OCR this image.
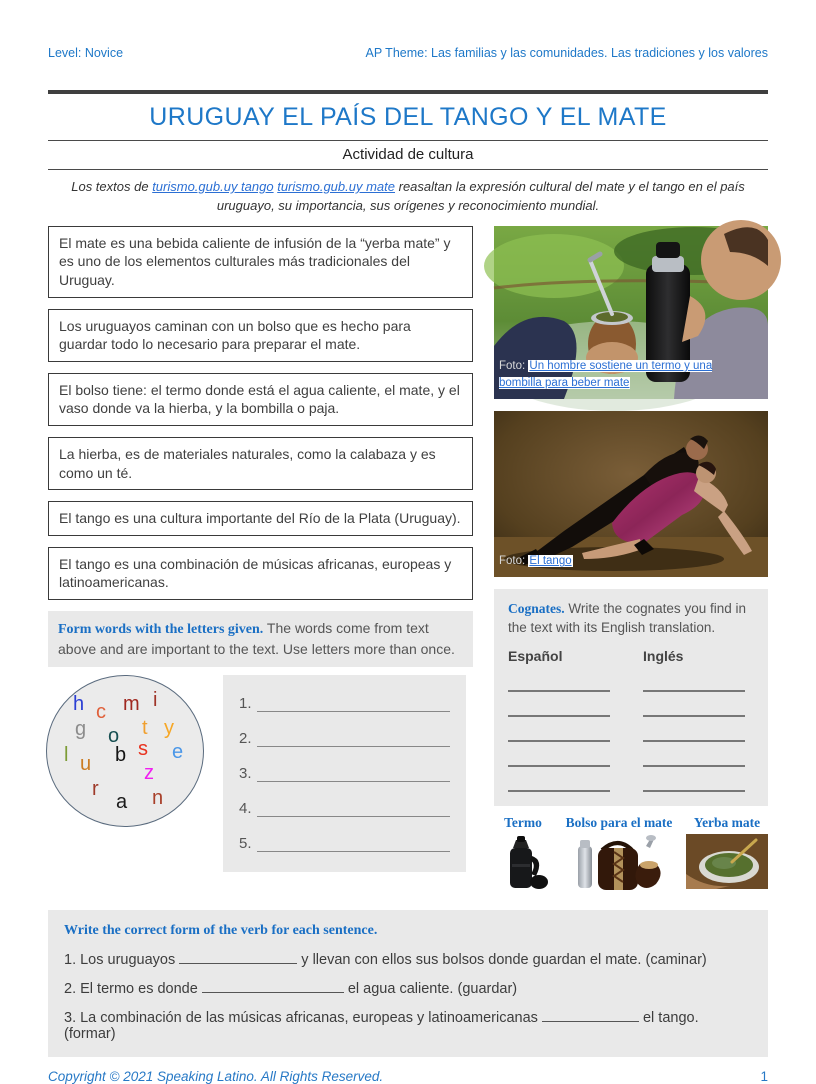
Level: Novice	AP Theme: Las familias y las comunidades. Las tradiciones y los valores
URUGUAY EL PAÍS DEL TANGO Y EL MATE
Actividad de cultura

Los textos de turismo.gub.uy tango turismo.gub.uy mate reasaltan la expresión cultural del mate y el tango en el país uruguayo, su importancia, sus orígenes y reconocimiento mundial.

El mate es una bebida caliente de infusión de la “yerba mate” y es uno de los elementos culturales más tradicionales del Uruguay.
Los uruguayos caminan con un bolso que es hecho para guardar todo lo necesario para preparar el mate.
El bolso tiene: el termo donde está el agua caliente, el mate, y el vaso donde va la hierba, y la bombilla o paja.
La hierba, es de materiales naturales, como la calabaza y es como un té.
El tango es una cultura importante del Río de la Plata (Uruguay).
El tango es una combinación de músicas africanas, europeas y latinoamericanas.
Form words with the letters given. The words come from text above and are important to the text. Use letters more than once.
h c m i
g o t y
l u b s e
z
r
a n
1.
2.
3.
4.
5.
Foto: Un hombre sostiene un termo y una bombilla para beber mate
Foto: El tango
Cognates. Write the cognates you find in the text with its English translation.
Español	Inglés
Termo	Bolso para el mate	Yerba mate
Write the correct form of the verb for each sentence.
1. Los uruguayos	y llevan con ellos sus bolsos donde guardan el mate. (caminar)
2. El termo es donde	el agua caliente. (guardar)
3. La combinación de las músicas africanas, europeas y latinoamericanas	el tango. (formar)
Copyright © 2021 Speaking Latino. All Rights Reserved.	1
